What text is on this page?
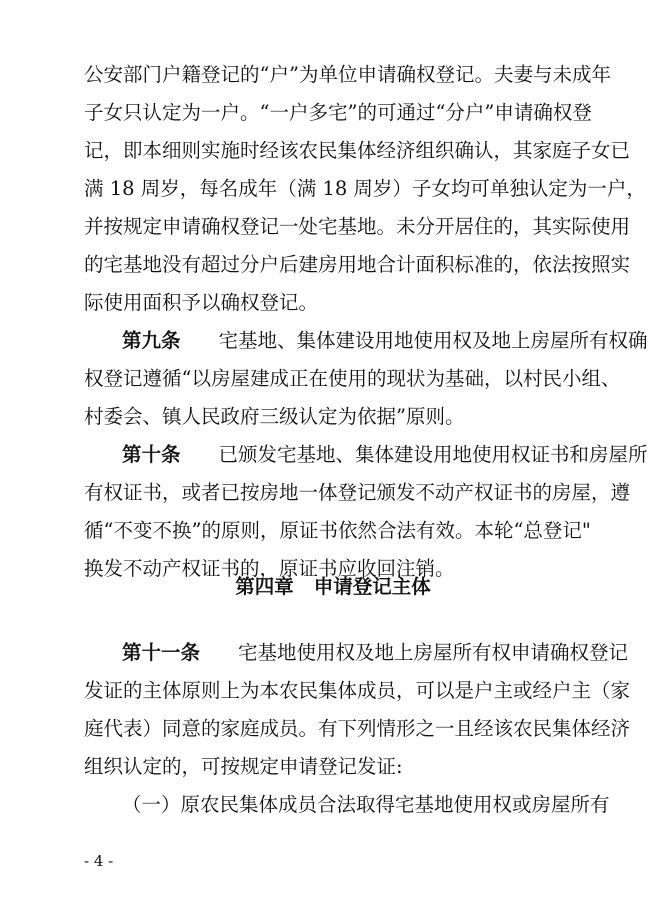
公安部门户籍登记的“户”为单位申请确权登记。夫妻与未成年
子女只认定为一户。“一户多宅”的可通过“分户”申请确权登
记，即本细则实施时经该农民集体经济组织确认，其家庭子女已
满 18 周岁，每名成年（满 18 周岁）子女均可单独认定为一户，
并按规定申请确权登记一处宅基地。未分开居住的，其实际使用
的宅基地没有超过分户后建房用地合计面积标准的，依法按照实
际使用面积予以确权登记。
第九条 宅基地、集体建设用地使用权及地上房屋所有权确
权登记遵循“以房屋建成正在使用的现状为基础，以村民小组、
村委会、镇人民政府三级认定为依据”原则。
第十条 已颁发宅基地、集体建设用地使用权证书和房屋所
有权证书，或者已按房地一体登记颁发不动产权证书的房屋，遵
循“不变不换”的原则，原证书依然合法有效。本轮“总登记"
换发不动产权证书的，原证书应收回注销。
第四章 申请登记主体
第十一条 宅基地使用权及地上房屋所有权申请确权登记
发证的主体原则上为本农民集体成员，可以是户主或经户主（家
庭代表）同意的家庭成员。有下列情形之一且经该农民集体经济
组织认定的，可按规定申请登记发证:
（一）原农民集体成员合法取得宅基地使用权或房屋所有
- 4 -
